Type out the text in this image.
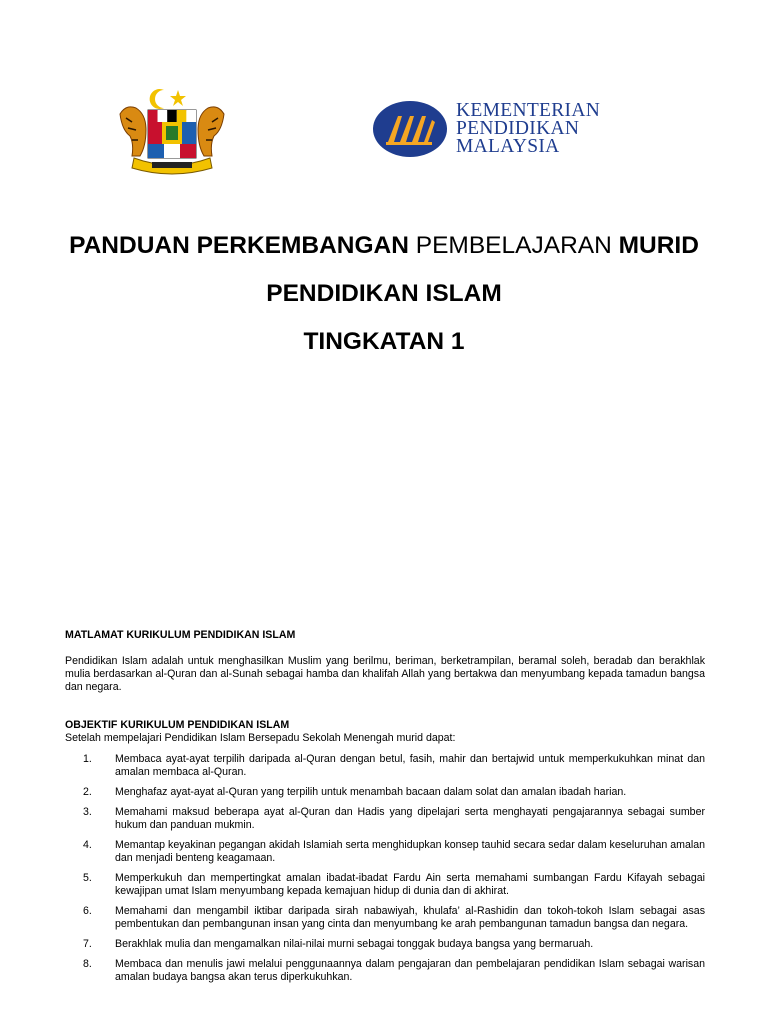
KEMENTERIAN
PENDIDIKAN
MALAYSIA
PANDUAN PERKEMBANGAN PEMBELAJARAN MURID
PENDIDIKAN ISLAM
TINGKATAN 1

MATLAMAT KURIKULUM PENDIDIKAN ISLAM

Pendidikan Islam adalah untuk menghasilkan Muslim yang berilmu, beriman, berketrampilan, beramal soleh, beradab dan berakhlak mulia berdasarkan al-Quran dan al-Sunah sebagai hamba dan khalifah Allah yang bertakwa dan menyumbang kepada tamadun bangsa dan negara.

OBJEKTIF KURIKULUM PENDIDIKAN ISLAM

Setelah mempelajari Pendidikan Islam Bersepadu Sekolah Menengah murid dapat:

1. Membaca ayat-ayat terpilih daripada al-Quran dengan betul, fasih, mahir dan bertajwid untuk memperkukuhkan minat dan amalan membaca al-Quran.
2. Menghafaz ayat-ayat al-Quran yang terpilih untuk menambah bacaan dalam solat dan amalan ibadah harian.
3. Memahami maksud beberapa ayat al-Quran dan Hadis yang dipelajari serta menghayati pengajarannya sebagai sumber hukum dan panduan mukmin.
4. Memantap keyakinan pegangan akidah Islamiah serta menghidupkan konsep tauhid secara sedar dalam keseluruhan amalan dan menjadi benteng keagamaan.
5. Memperkukuh dan mempertingkat amalan ibadat-ibadat Fardu Ain serta memahami sumbangan Fardu Kifayah sebagai kewajipan umat Islam menyumbang kepada kemajuan hidup di dunia dan di akhirat.
6. Memahami dan mengambil iktibar daripada sirah nabawiyah, khulafa’ al-Rashidin dan tokoh-tokoh Islam sebagai asas pembentukan dan pembangunan insan yang cinta dan menyumbang ke arah pembangunan tamadun bangsa dan negara.
7. Berakhlak mulia dan mengamalkan nilai-nilai murni sebagai tonggak budaya bangsa yang bermaruah.
8. Membaca dan menulis jawi melalui penggunaannya dalam pengajaran dan pembelajaran pendidikan Islam sebagai warisan amalan budaya bangsa akan terus diperkukuhkan.
